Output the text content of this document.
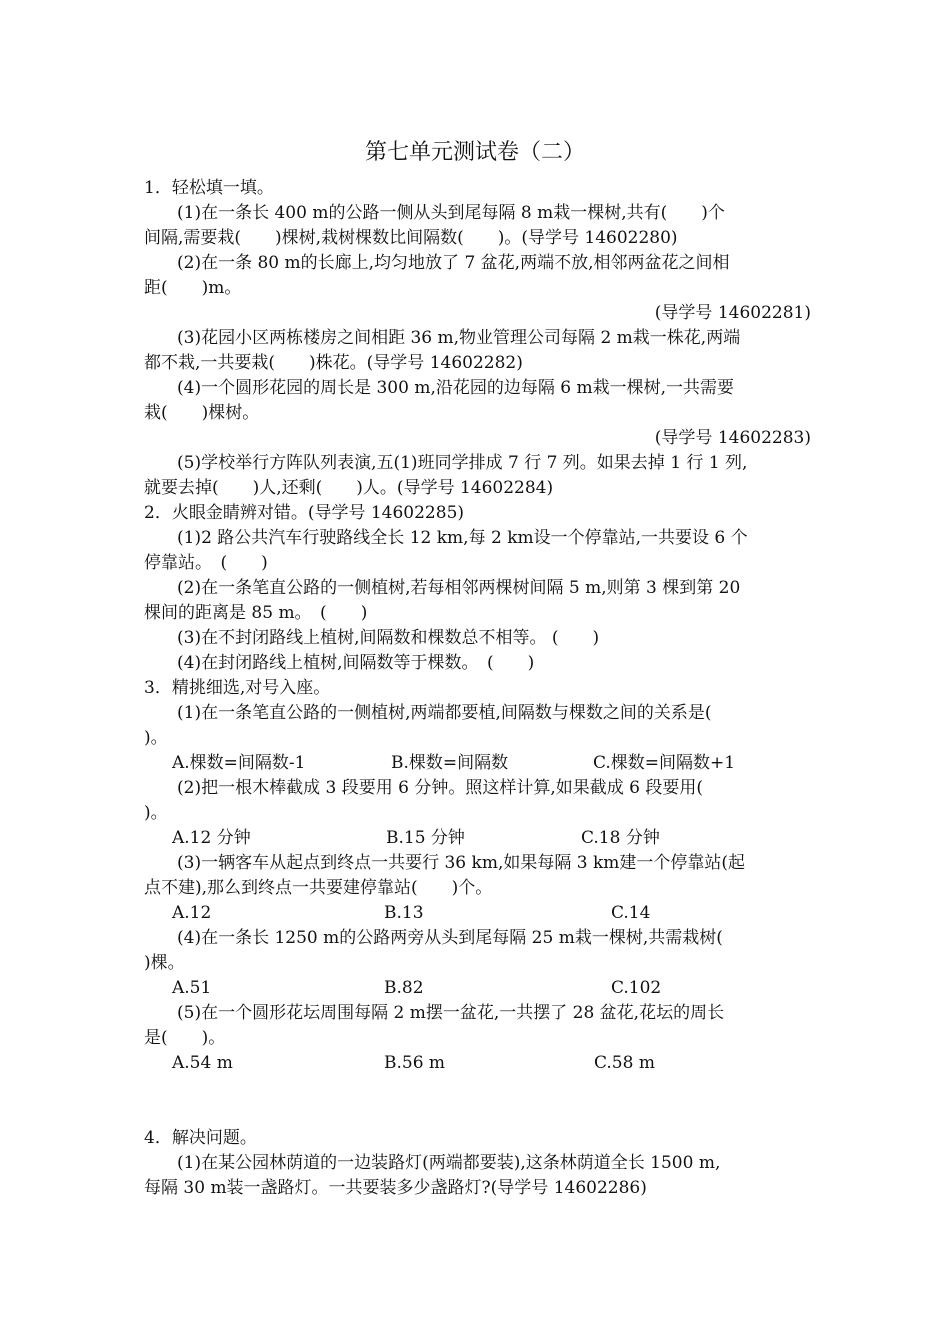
第七单元测试卷（二）
1．轻松填一填。
(1)在一条长 400 m的公路一侧从头到尾每隔 8 m栽一棵树,共有(　　)个
间隔,需要栽(　　)棵树,栽树棵数比间隔数(　　)。(导学号 14602280)
(2)在一条 80 m的长廊上,均匀地放了 7 盆花,两端不放,相邻两盆花之间相
距(　　)m。
(导学号 14602281)
(3)花园小区两栋楼房之间相距 36 m,物业管理公司每隔 2 m栽一株花,两端
都不栽,一共要栽(　　)株花。(导学号 14602282)
(4)一个圆形花园的周长是 300 m,沿花园的边每隔 6 m栽一棵树,一共需要
栽(　　)棵树。
(导学号 14602283)
(5)学校举行方阵队列表演,五(1)班同学排成 7 行 7 列。如果去掉 1 行 1 列,
就要去掉(　　)人,还剩(　　)人。(导学号 14602284)
2．火眼金睛辨对错。(导学号 14602285)
(1)2 路公共汽车行驶路线全长 12 km,每 2 km设一个停靠站,一共要设 6 个
停靠站。　(　　)
(2)在一条笔直公路的一侧植树,若每相邻两棵树间隔 5 m,则第 3 棵到第 20
棵间的距离是 85 m。　(　　)
(3)在不封闭路线上植树,间隔数和棵数总不相等。 (　　)
(4)在封闭路线上植树,间隔数等于棵数。　(　　)
3．精挑细选,对号入座。
(1)在一条笔直公路的一侧植树,两端都要植,间隔数与棵数之间的关系是(
)。
A.棵数=间隔数-1	B.棵数=间隔数	C.棵数=间隔数+1
(2)把一根木棒截成 3 段要用 6 分钟。照这样计算,如果截成 6 段要用(
)。
A.12 分钟	B.15 分钟	C.18 分钟
(3)一辆客车从起点到终点一共要行 36 km,如果每隔 3 km建一个停靠站(起
点不建),那么到终点一共要建停靠站(　　)个。
A.12	B.13	C.14
(4)在一条长 1250 m的公路两旁从头到尾每隔 25 m栽一棵树,共需栽树(
)棵。
A.51	B.82	C.102
(5)在一个圆形花坛周围每隔 2 m摆一盆花,一共摆了 28 盆花,花坛的周长
是(　　)。
A.54 m	B.56 m	C.58 m
4．解决问题。
(1)在某公园林荫道的一边装路灯(两端都要装),这条林荫道全长 1500 m,
每隔 30 m装一盏路灯。一共要装多少盏路灯?(导学号 14602286)
